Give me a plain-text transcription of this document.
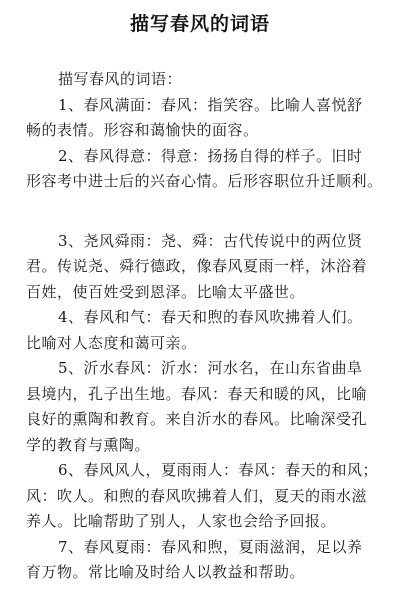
描写春风的词语
描写春风的词语：
1、春风满面：春风：指笑容。比喻人喜悦舒
畅的表情。形容和蔼愉快的面容。
2、春风得意：得意：扬扬自得的样子。旧时
形容考中进士后的兴奋心情。后形容职位升迁顺利。
3、尧风舜雨：尧、舜：古代传说中的两位贤
君。传说尧、舜行德政，像春风夏雨一样，沐浴着
百姓，使百姓受到恩泽。比喻太平盛世。
4、春风和气：春天和煦的春风吹拂着人们。
比喻对人态度和蔼可亲。
5、沂水春风：沂水：河水名，在山东省曲阜
县境内，孔子出生地。春风：春天和暖的风，比喻
良好的熏陶和教育。来自沂水的春风。比喻深受孔
学的教育与熏陶。
6、春风风人，夏雨雨人：春风：春天的和风；
风：吹人。和煦的春风吹拂着人们，夏天的雨水滋
养人。比喻帮助了别人，人家也会给予回报。
7、春风夏雨：春风和煦，夏雨滋润，足以养
育万物。常比喻及时给人以教益和帮助。
